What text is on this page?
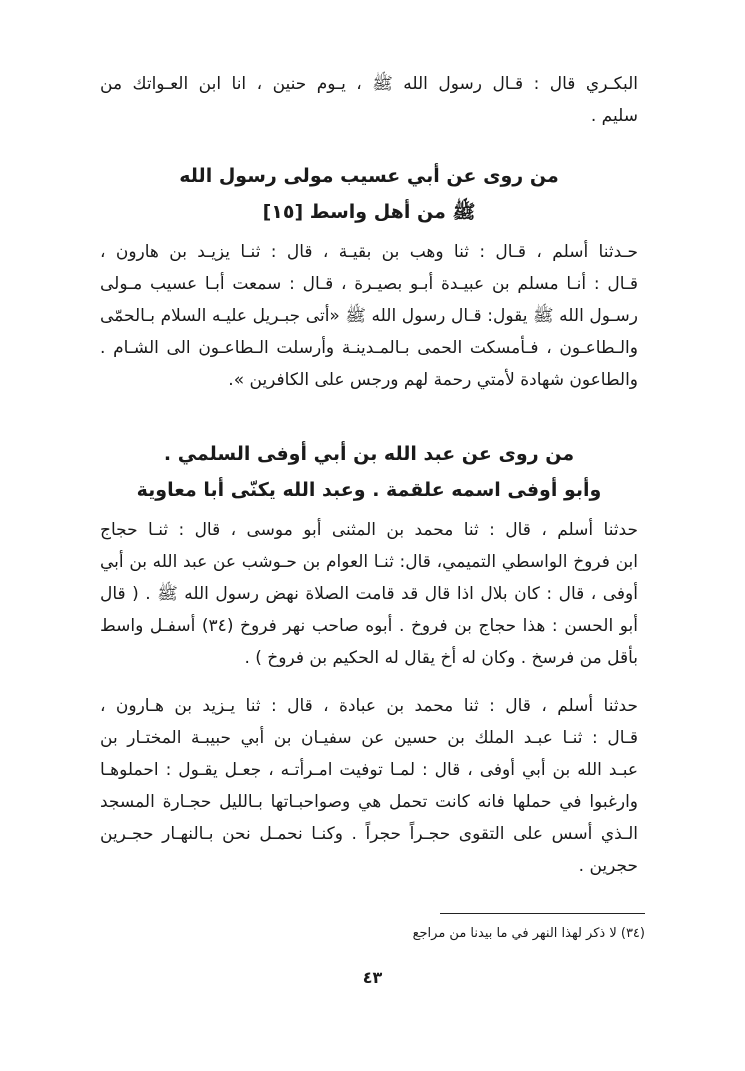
البكـري قال : قـال رسول الله ﷺ ، يـوم حنين ، انا ابن العـواتك من
سليم .
من روى عن أبي عسيب مولى رسول الله
ﷺ من أهل واسط [١٥]
حـدثنا أسلم ، قـال : ثنا وهب بن بقيـة ، قال : ثنـا يزيـد بن هارون ،
قـال : أنـا مسلم بن عبيـدة أبـو بصيـرة ، قـال : سمعت أبـا عسيب مـولى
رسـول الله ﷺ يقول: قـال رسول الله ﷺ «أتى جبـريل عليـه السلام بـالحمّى
والـطاعـون ، فـأمسكت الحمى بـالمـدينـة وأرسلت الـطاعـون الى الشـام .
والطاعون شهادة لأمتي رحمة لهم ورجس على الكافرين ».
من روى عن عبد الله بن أبي أوفى السلمي .
وأبو أوفى اسمه علقمة . وعبد الله يكنّى أبا معاوية
حدثنا أسلم ، قال : ثنا محمد بن المثنى أبو موسى ، قال : ثنـا حجاج
ابن فروخ الواسطي التميمي، قال: ثنـا العوام بن حـوشب عن عبد الله بن أبي
أوفى ، قال : كان بلال اذا قال قد قامت الصلاة نهض رسول الله ﷺ . ( قال
أبو الحسن : هذا حجاج بن فروخ . أبوه صاحب نهر فروخ (٣٤) أسفـل واسط
بأقل من فرسخ . وكان له أخ يقال له الحكيم بن فروخ ) .
حدثنا أسلم ، قال : ثنا محمد بن عبادة ، قال : ثنا يـزيد بن هـارون ،
قـال : ثنـا عبـد الملك بن حسين عن سفيـان بن أبي حبيبـة المختـار بن
عبـد الله بن أبي أوفى ، قال : لمـا توفيت امـرأتـه ، جعـل يقـول : احملوهـا
وارغبوا في حملها فانه كانت تحمل هي وصواحبـاتها بـالليل حجـارة المسجد
الـذي أسس على التقوى حجـراً حجراً . وكنـا نحمـل نحن بـالنهـار حجـرين
حجرين .
(٣٤) لا ذكر لهذا النهر في ما بيدنا من مراجع
٤٣
